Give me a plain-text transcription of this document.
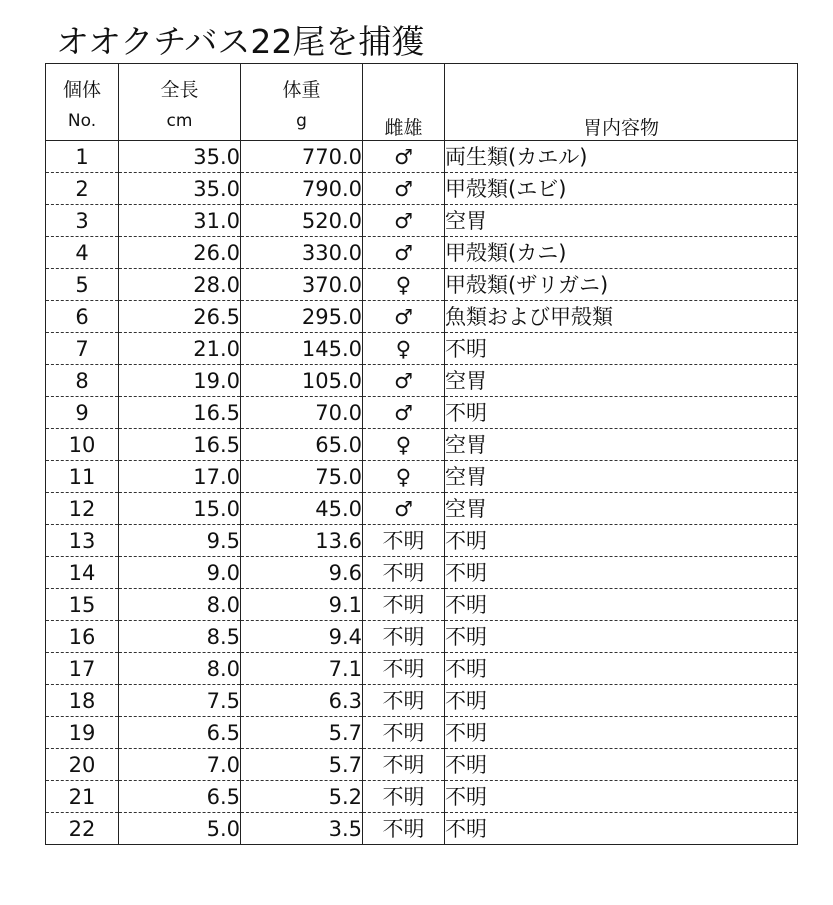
オオクチバス22尾を捕獲
個体	全長	体重	雌雄	胃内容物
No.	cm	g		
1	35.0	770.0	♂	両生類(カエル)
2	35.0	790.0	♂	甲殻類(エビ)
3	31.0	520.0	♂	空胃
4	26.0	330.0	♂	甲殻類(カニ)
5	28.0	370.0	♀	甲殻類(ザリガニ)
6	26.5	295.0	♂	魚類および甲殻類
7	21.0	145.0	♀	不明
8	19.0	105.0	♂	空胃
9	16.5	70.0	♂	不明
10	16.5	65.0	♀	空胃
11	17.0	75.0	♀	空胃
12	15.0	45.0	♂	空胃
13	9.5	13.6	不明	不明
14	9.0	9.6	不明	不明
15	8.0	9.1	不明	不明
16	8.5	9.4	不明	不明
17	8.0	7.1	不明	不明
18	7.5	6.3	不明	不明
19	6.5	5.7	不明	不明
20	7.0	5.7	不明	不明
21	6.5	5.2	不明	不明
22	5.0	3.5	不明	不明
